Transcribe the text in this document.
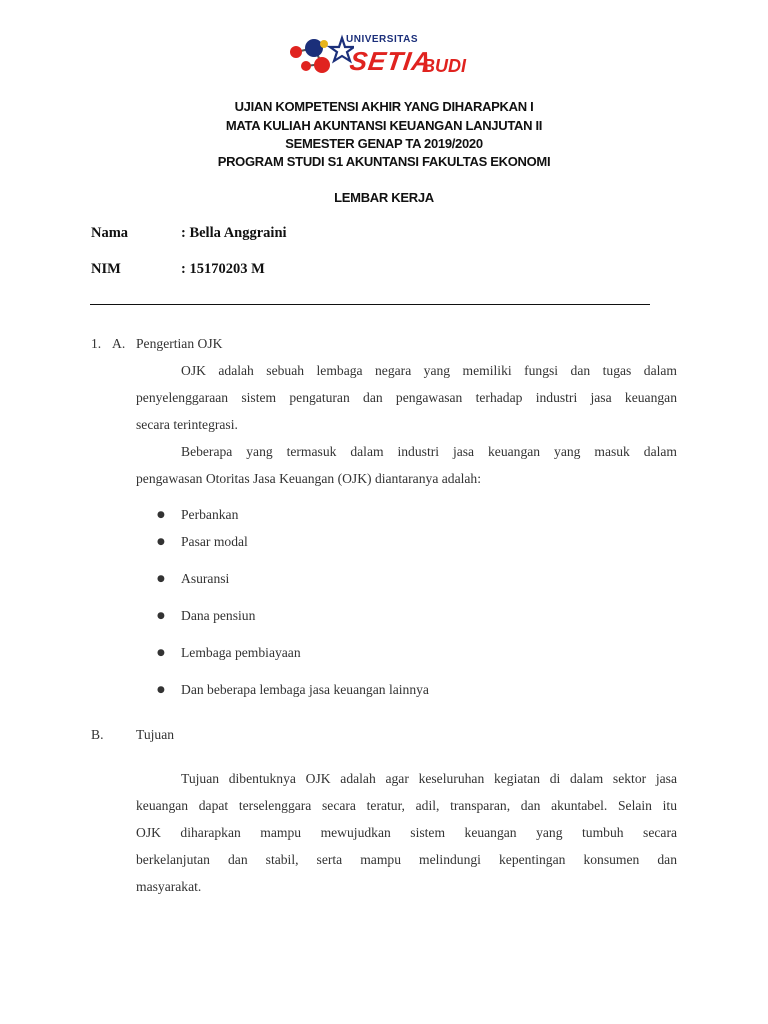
UNIVERSITAS
SETIA
BUDI
UJIAN KOMPETENSI AKHIR YANG DIHARAPKAN I
MATA KULIAH AKUNTANSI KEUANGAN LANJUTAN II
SEMESTER GENAP TA 2019/2020
PROGRAM STUDI S1 AKUNTANSI FAKULTAS EKONOMI
LEMBAR KERJA
Nama	: Bella Anggraini
NIM	: 15170203 M
1. A. Pengertian OJK
OJK adalah sebuah lembaga negara yang memiliki fungsi dan tugas dalam
penyelenggaraan sistem pengaturan dan pengawasan terhadap industri jasa keuangan
secara terintegrasi.
Beberapa yang termasuk dalam industri jasa keuangan yang masuk dalam
pengawasan Otoritas Jasa Keuangan (OJK) diantaranya adalah:
● Perbankan
● Pasar modal
● Asuransi
● Dana pensiun
● Lembaga pembiayaan
● Dan beberapa lembaga jasa keuangan lainnya
B. Tujuan
Tujuan dibentuknya OJK adalah agar keseluruhan kegiatan di dalam sektor jasa
keuangan dapat terselenggara secara teratur, adil, transparan, dan akuntabel. Selain itu
OJK diharapkan mampu mewujudkan sistem keuangan yang tumbuh secara
berkelanjutan dan stabil, serta mampu melindungi kepentingan konsumen dan
masyarakat.
